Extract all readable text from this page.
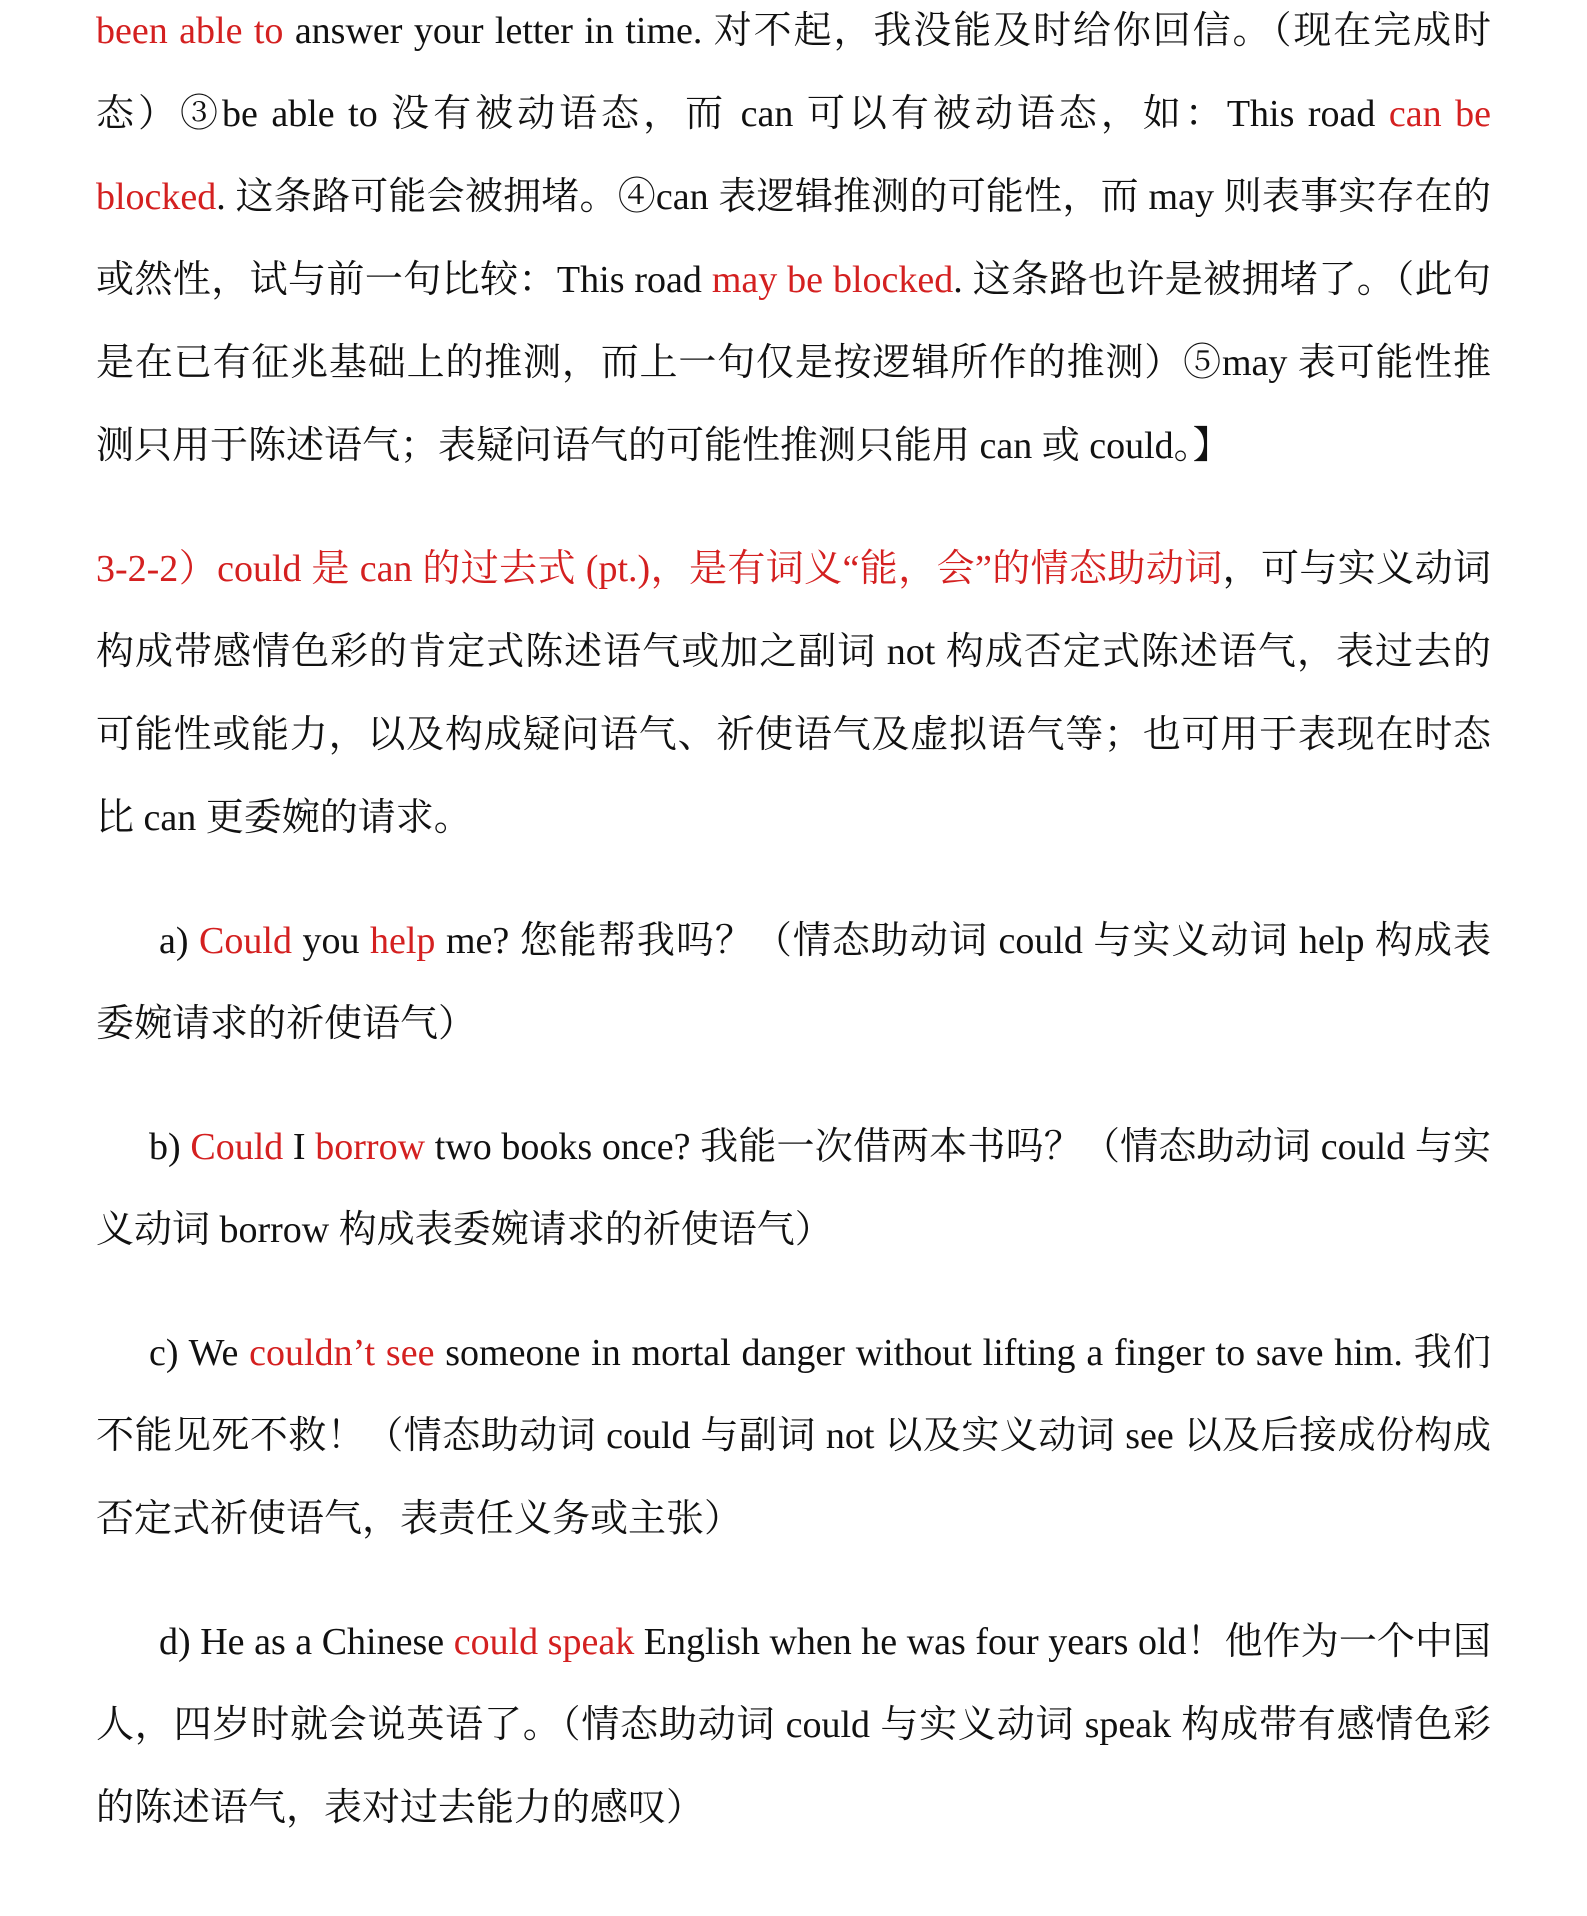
been able to answer your letter in time. 对不起，我没能及时给你回信。（现在完成时态）③be able to 没有被动语态，而 can 可以有被动语态，如：This road can be blocked. 这条路可能会被拥堵。④can 表逻辑推测的可能性，而 may 则表事实存在的或然性，试与前一句比较：This road may be blocked. 这条路也许是被拥堵了。（此句是在已有征兆基础上的推测，而上一句仅是按逻辑所作的推测）⑤may 表可能性推测只用于陈述语气；表疑问语气的可能性推测只能用 can 或 could。】

3-2-2）could 是 can 的过去式 (pt.)，是有词义“能，会”的情态助动词，可与实义动词构成带感情色彩的肯定式陈述语气或加之副词 not 构成否定式陈述语气，表过去的可能性或能力，以及构成疑问语气、祈使语气及虚拟语气等；也可用于表现在时态比 can 更委婉的请求。

a) Could you help me? 您能帮我吗？（情态助动词 could 与实义动词 help 构成表委婉请求的祈使语气）

b) Could I borrow two books once? 我能一次借两本书吗？（情态助动词 could 与实义动词 borrow 构成表委婉请求的祈使语气）

c) We couldn’t see someone in mortal danger without lifting a finger to save him. 我们不能见死不救！（情态助动词 could 与副词 not 以及实义动词 see 以及后接成份构成否定式祈使语气，表责任义务或主张）

d) He as a Chinese could speak English when he was four years old！他作为一个中国人，四岁时就会说英语了。（情态助动词 could 与实义动词 speak 构成带有感情色彩的陈述语气，表对过去能力的感叹）
